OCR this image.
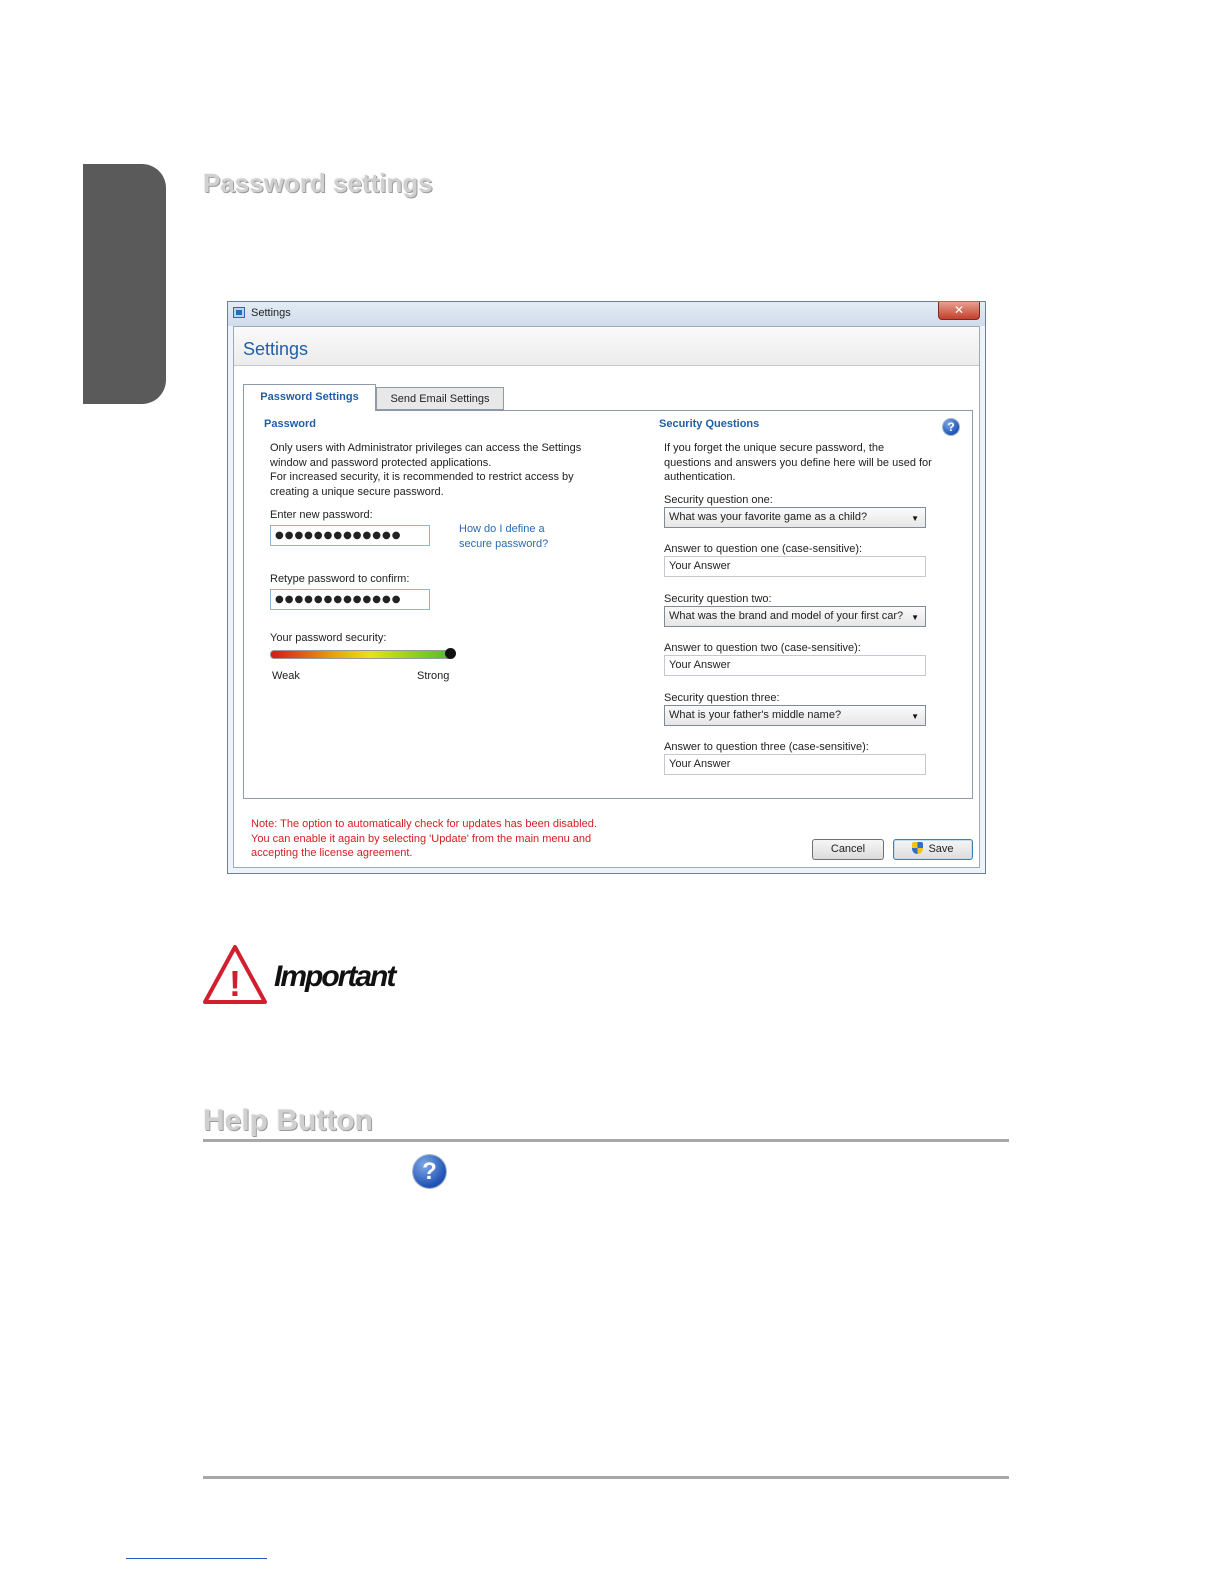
Password settings
Settings	✕
Settings
Password Settings	Send Email Settings
Password
Only users with Administrator privileges can access the Settings
window and password protected applications.
For increased security, it is recommended to restrict access by
creating a unique secure password.
Enter new password:
●●●●●●●●●●●●●
How do I define a
secure password?
Retype password to confirm:
●●●●●●●●●●●●●
Your password security:
Weak	Strong
Security Questions	?
If you forget the unique secure password, the
questions and answers you define here will be used for
authentication.
Security question one:
What was your favorite game as a child?	▼
Answer to question one (case-sensitive):
Your Answer
Security question two:
What was the brand and model of your first car? ▼
Answer to question two (case-sensitive):
Your Answer
Security question three:
What is your father's middle name?	▼
Answer to question three (case-sensitive):
Your Answer
Note: The option to automatically check for updates has been disabled.
You can enable it again by selecting 'Update' from the main menu and
accepting the license agreement.	Cancel	Save
! Important
Help Button
?
